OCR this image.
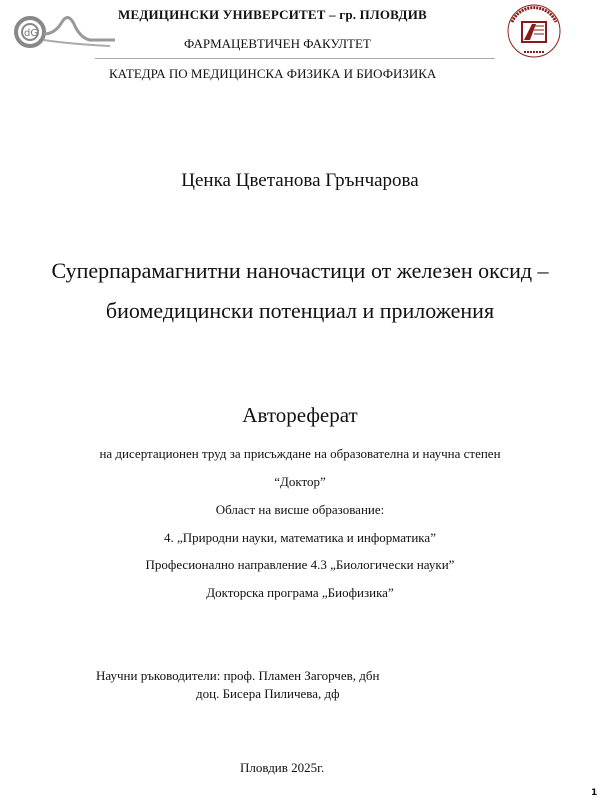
dG
МЕДИЦИНСКИ УНИВЕРСИТЕТ – гр. ПЛОВДИВ
ФАРМАЦЕВТИЧЕН ФАКУЛТЕТ
КАТЕДРА ПО МЕДИЦИНСКА ФИЗИКА И БИОФИЗИКА
Ценка Цветанова Грънчарова
Суперпарамагнитни наночастици от железен оксид –
биомедицински потенциал и приложения
Автореферат
на дисертационен труд за присъждане на образователна и научна степен
“Доктор”
Област на висше образование:
4. „Природни науки, математика и информатика”
Професионално направление 4.3 „Биологически науки”
Докторска програма „Биофизика”
Научни ръководители: проф. Пламен Загорчев, дбн
доц. Бисера Пиличева, дф
Пловдив 2025г.
1
